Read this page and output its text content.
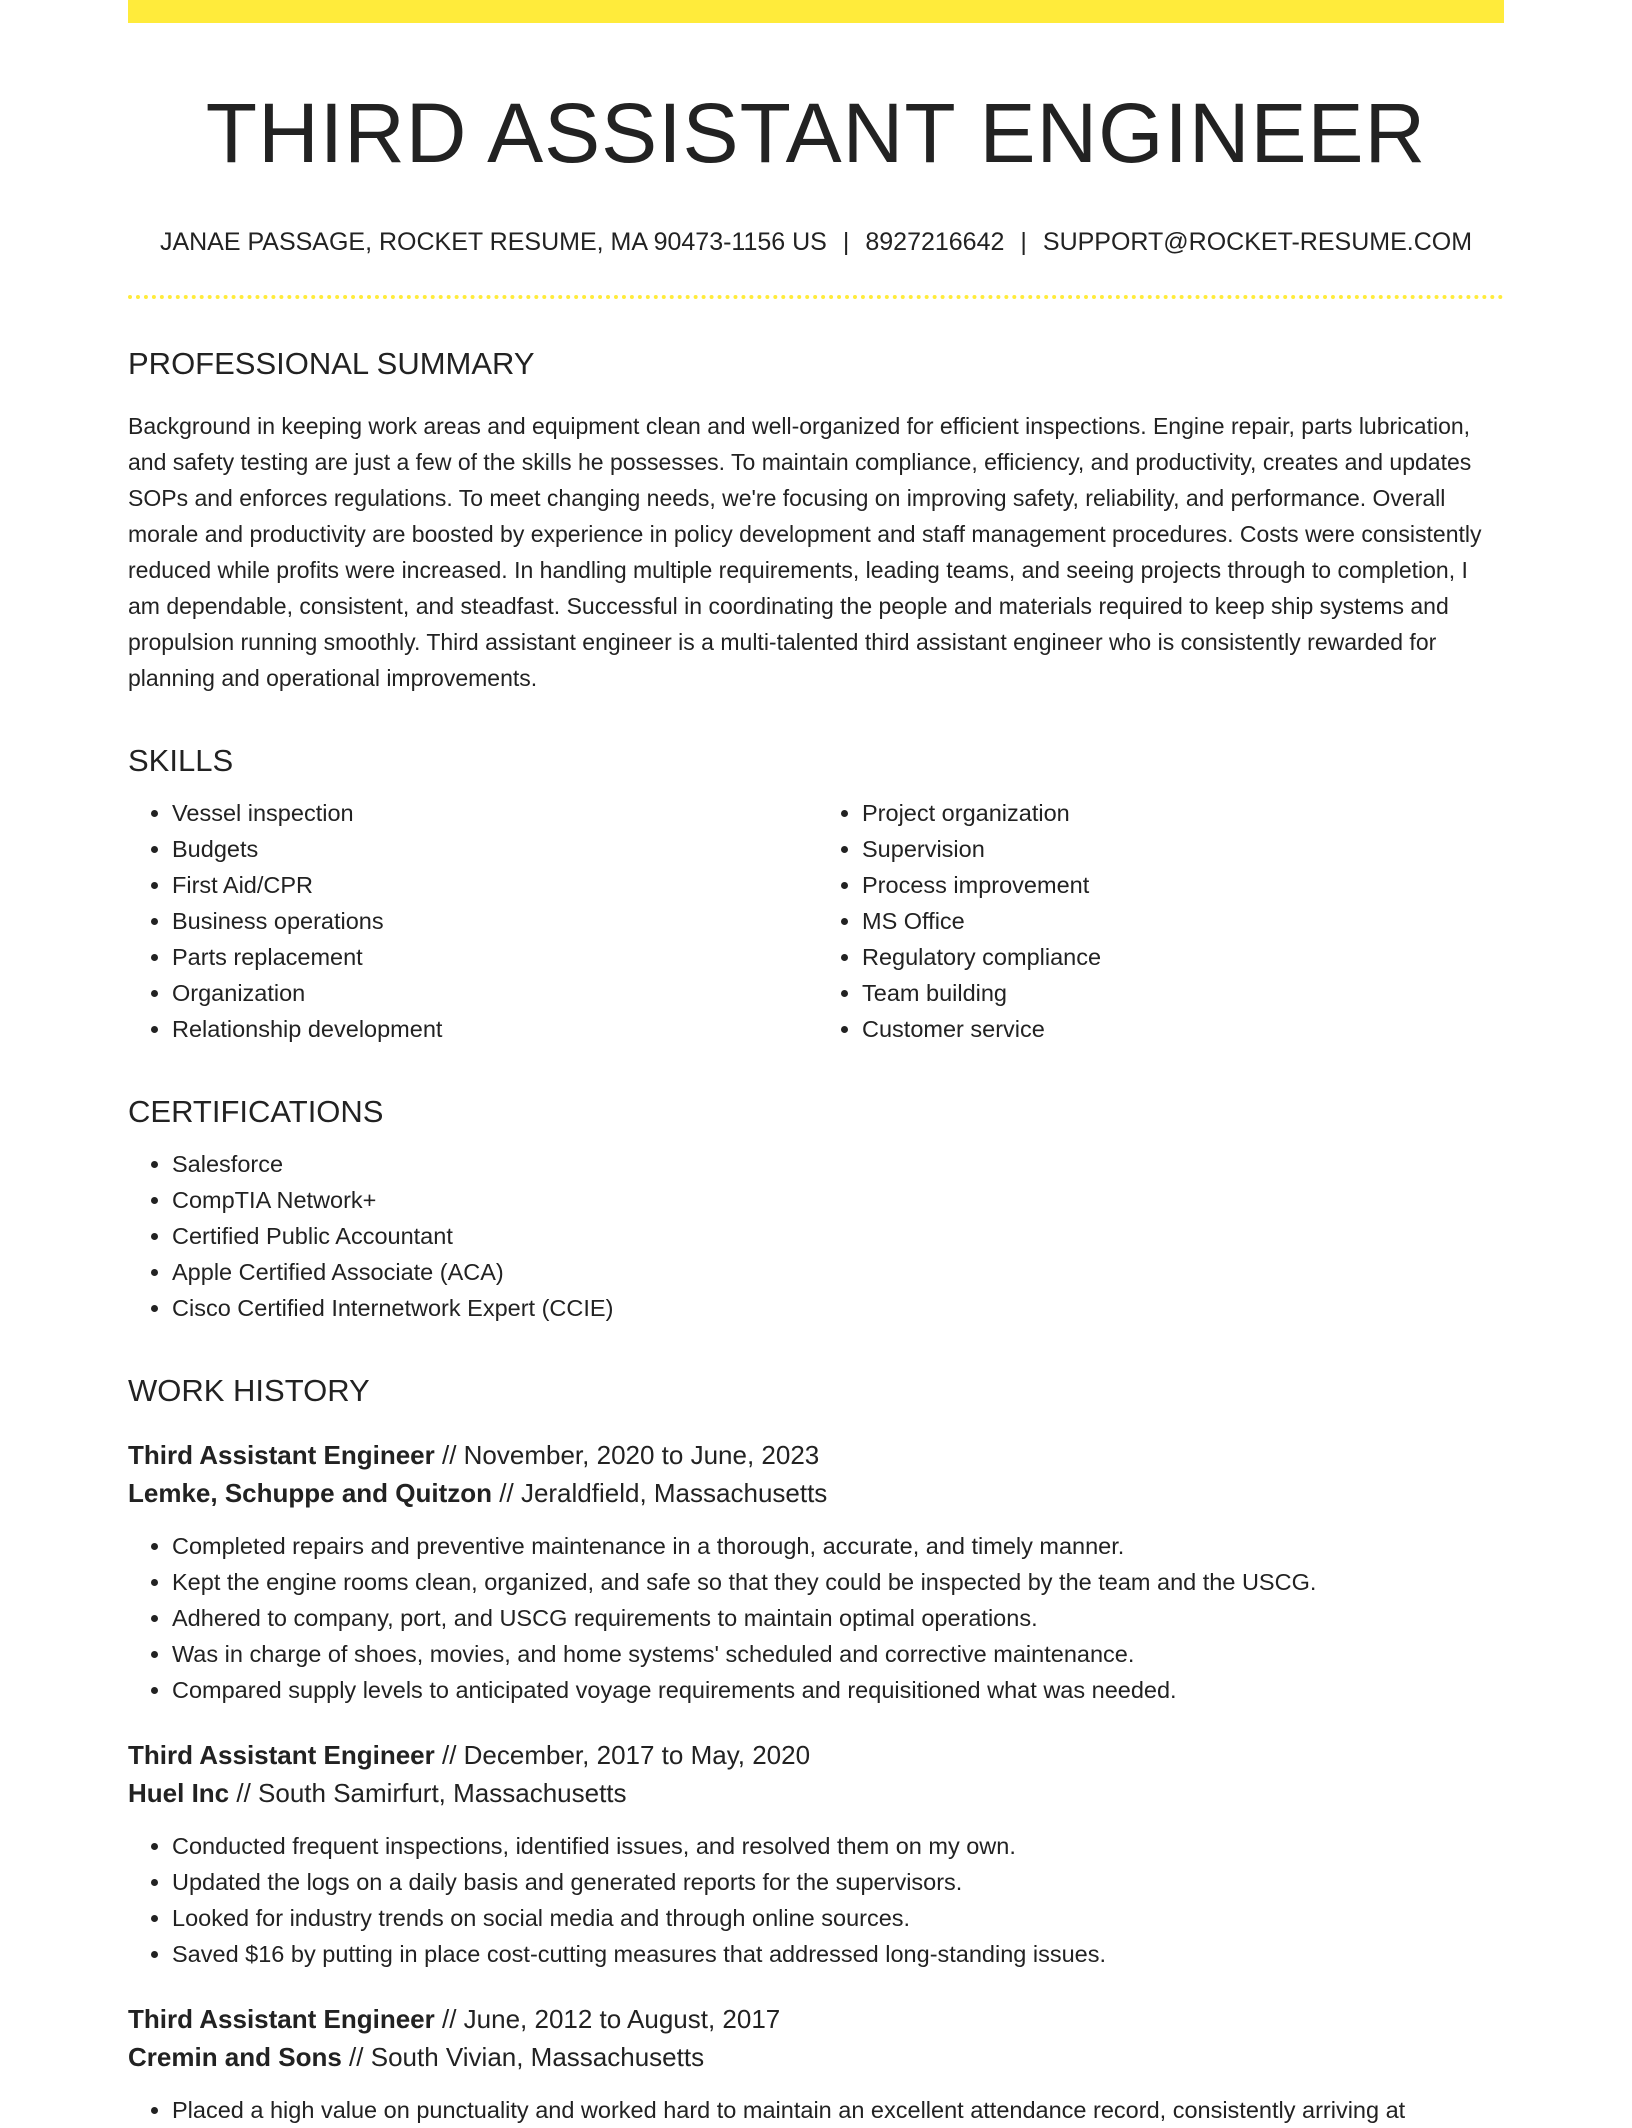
THIRD ASSISTANT ENGINEER
JANAE PASSAGE, ROCKET RESUME, MA 90473-1156 US | 8927216642 | SUPPORT@ROCKET-RESUME.COM
PROFESSIONAL SUMMARY
Background in keeping work areas and equipment clean and well-organized for efficient inspections. Engine repair, parts lubrication, and safety testing are just a few of the skills he possesses. To maintain compliance, efficiency, and productivity, creates and updates SOPs and enforces regulations. To meet changing needs, we're focusing on improving safety, reliability, and performance. Overall morale and productivity are boosted by experience in policy development and staff management procedures. Costs were consistently reduced while profits were increased. In handling multiple requirements, leading teams, and seeing projects through to completion, I am dependable, consistent, and steadfast. Successful in coordinating the people and materials required to keep ship systems and propulsion running smoothly. Third assistant engineer is a multi-talented third assistant engineer who is consistently rewarded for planning and operational improvements.
SKILLS
• Vessel inspection
• Budgets
• First Aid/CPR
• Business operations
• Parts replacement
• Organization
• Relationship development
• Project organization
• Supervision
• Process improvement
• MS Office
• Regulatory compliance
• Team building
• Customer service
CERTIFICATIONS
• Salesforce
• CompTIA Network+
• Certified Public Accountant
• Apple Certified Associate (ACA)
• Cisco Certified Internetwork Expert (CCIE)
WORK HISTORY
Third Assistant Engineer // November, 2020 to June, 2023
Lemke, Schuppe and Quitzon // Jeraldfield, Massachusetts
• Completed repairs and preventive maintenance in a thorough, accurate, and timely manner.
• Kept the engine rooms clean, organized, and safe so that they could be inspected by the team and the USCG.
• Adhered to company, port, and USCG requirements to maintain optimal operations.
• Was in charge of shoes, movies, and home systems' scheduled and corrective maintenance.
• Compared supply levels to anticipated voyage requirements and requisitioned what was needed.
Third Assistant Engineer // December, 2017 to May, 2020
Huel Inc // South Samirfurt, Massachusetts
• Conducted frequent inspections, identified issues, and resolved them on my own.
• Updated the logs on a daily basis and generated reports for the supervisors.
• Looked for industry trends on social media and through online sources.
• Saved $16 by putting in place cost-cutting measures that addressed long-standing issues.
Third Assistant Engineer // June, 2012 to August, 2017
Cremin and Sons // South Vivian, Massachusetts
• Placed a high value on punctuality and worked hard to maintain an excellent attendance record, consistently arriving at
